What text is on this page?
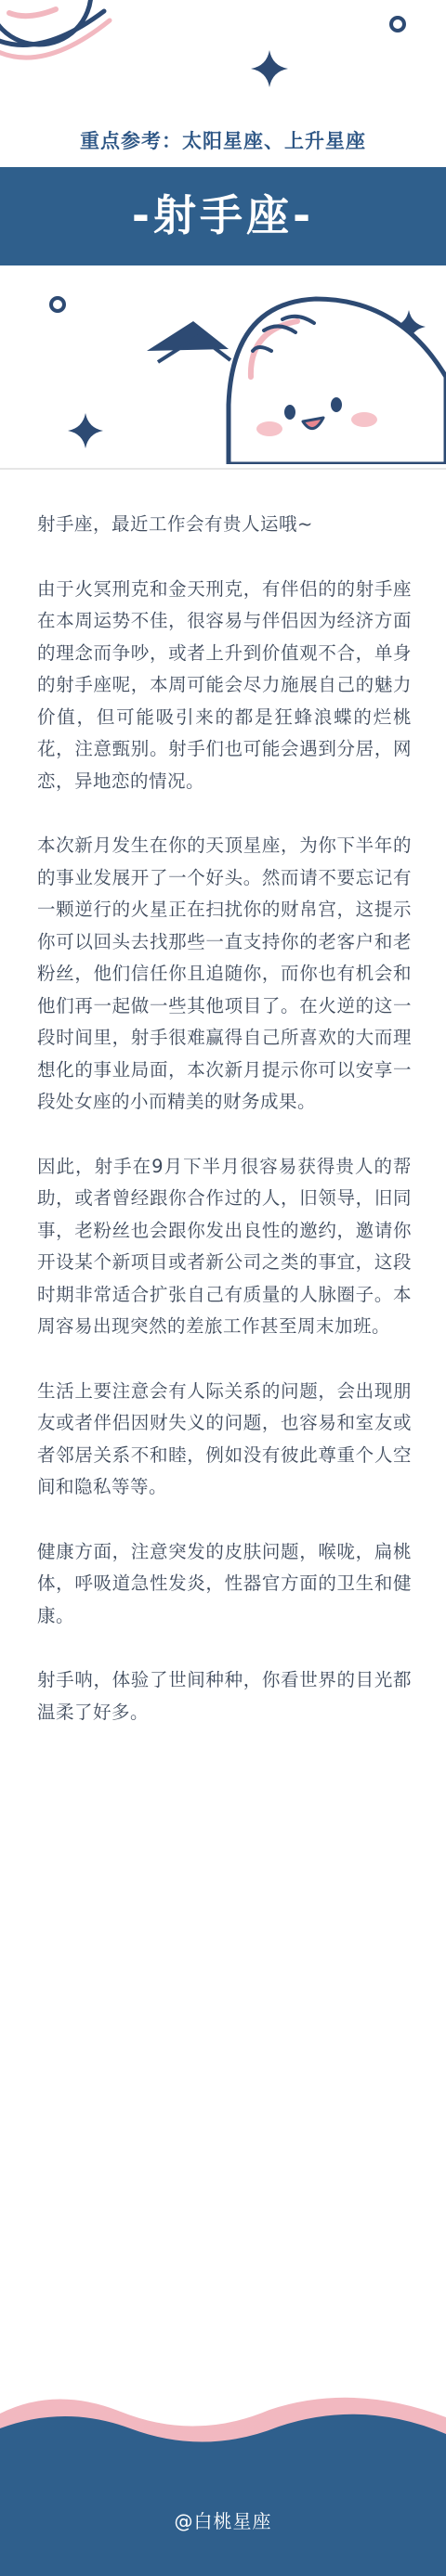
重点参考：太阳星座、上升星座
-射手座-

射手座，最近工作会有贵人运哦~

由于火冥刑克和金天刑克，有伴侣的的射手座在本周运势不佳，很容易与伴侣因为经济方面的理念而争吵，或者上升到价值观不合，单身的射手座呢，本周可能会尽力施展自己的魅力价值，但可能吸引来的都是狂蜂浪蝶的烂桃花，注意甄别。射手们也可能会遇到分居，网恋，异地恋的情况。

本次新月发生在你的天顶星座，为你下半年的的事业发展开了一个好头。然而请不要忘记有一颗逆行的火星正在扫扰你的财帛宫，这提示你可以回头去找那些一直支持你的老客户和老粉丝，他们信任你且追随你，而你也有机会和他们再一起做一些其他项目了。在火逆的这一段时间里，射手很难赢得自己所喜欢的大而理想化的事业局面，本次新月提示你可以安享一段处女座的小而精美的财务成果。

因此，射手在9月下半月很容易获得贵人的帮助，或者曾经跟你合作过的人，旧领导，旧同事，老粉丝也会跟你发出良性的邀约，邀请你开设某个新项目或者新公司之类的事宜，这段时期非常适合扩张自己有质量的人脉圈子。本周容易出现突然的差旅工作甚至周末加班。

生活上要注意会有人际关系的问题，会出现朋友或者伴侣因财失义的问题，也容易和室友或者邻居关系不和睦，例如没有彼此尊重个人空间和隐私等等。

健康方面，注意突发的皮肤问题，喉咙，扁桃体，呼吸道急性发炎，性器官方面的卫生和健康。

射手呐，体验了世间种种，你看世界的目光都温柔了好多。

@白桃星座
